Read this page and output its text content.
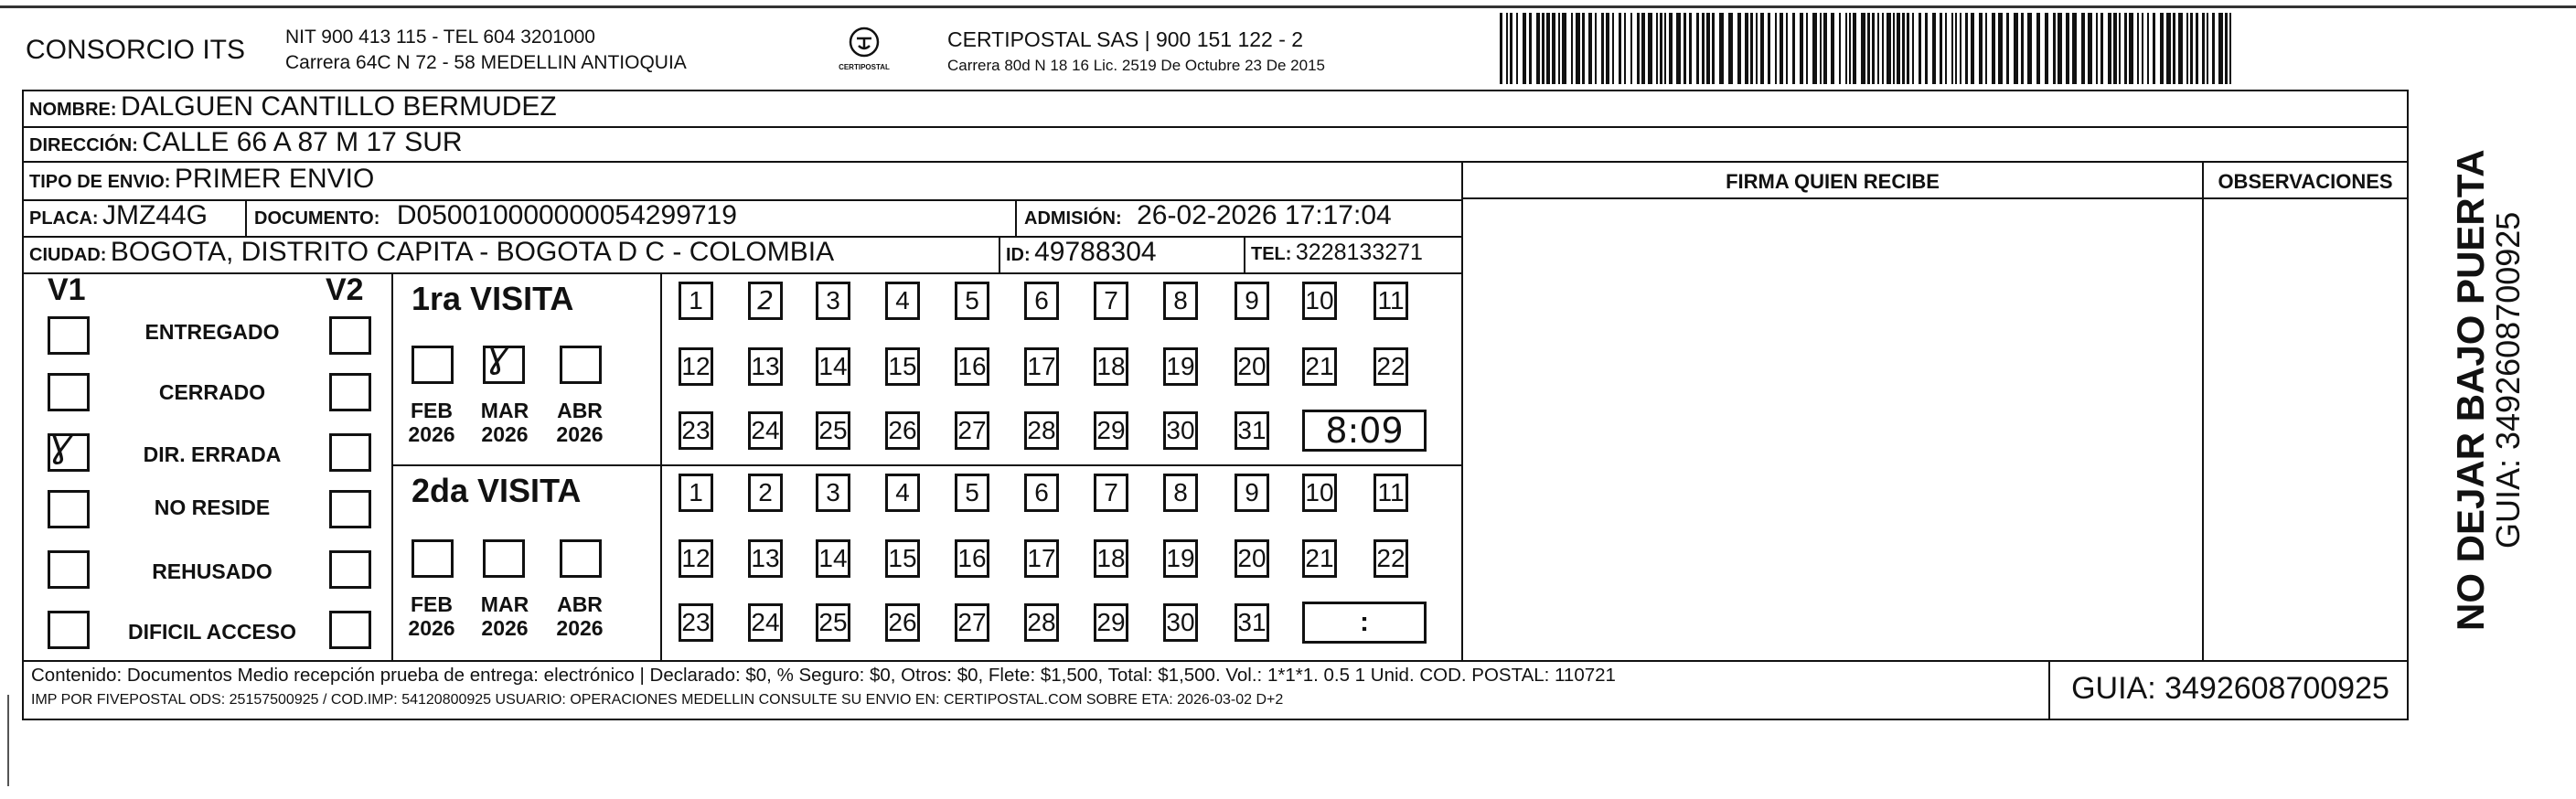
CONSORCIO ITS NIT 900 413 115 - TEL 604 3201000
Carrera 64C N 72 - 58 MEDELLIN ANTIOQUIA	CERTIPOSTAL
CERTIPOSTAL SAS | 900 151 122 - 2
Carrera 80d N 18 16 Lic. 2519 De Octubre 23 De 2015
NOMBRE: DALGUEN CANTILLO BERMUDEZ
DIRECCIÓN: CALLE 66 A 87 M 17 SUR
TIPO DE ENVIO: PRIMER ENVIO	FIRMA QUIEN RECIBE	OBSERVACIONES
PLACA: JMZ44G	DOCUMENTO: D050010000000054299719	ADMISIÓN: 26-02-2026 17:17:04
CIUDAD: BOGOTA, DISTRITO CAPITA - BOGOTA D C - COLOMBIA	ID: 49788304	TEL: 3228133271
V1	V2
ENTREGADO
CERRADO
DIR. ERRADA
NO RESIDE
REHUSADO
DIFICIL ACCESO
Ɣ
1ra VISITA
2da VISITA
Ɣ
FEB
2026
MAR
2026
ABR
2026
FEB
2026
MAR
2026
ABR
2026
1	2	3	4	5	6	7	8	9	10 11
12 13 14 15 16 17 18 19 20 21 22
23 24 25 26 27 28 29 30 31
1	2	3	4	5	6	7	8	9	10 11
12 13 14 15 16 17 18 19 20 21 22
23 24 25 26 27 28 29 30 31
8:09
:
Contenido: Documentos Medio recepción prueba de entrega: electrónico | Declarado: $0, % Seguro: $0, Otros: $0, Flete: $1,500, Total: $1,500. Vol.: 1*1*1. 0.5 1 Unid. COD. POSTAL: 110721
IMP POR FIVEPOSTAL ODS: 25157500925 / COD.IMP: 54120800925 USUARIO: OPERACIONES MEDELLIN CONSULTE SU ENVIO EN: CERTIPOSTAL.COM SOBRE ETA: 2026-03-02 D+2	GUIA: 3492608700925
NO DEJAR BAJO PUERTA
GUIA: 3492608700925
